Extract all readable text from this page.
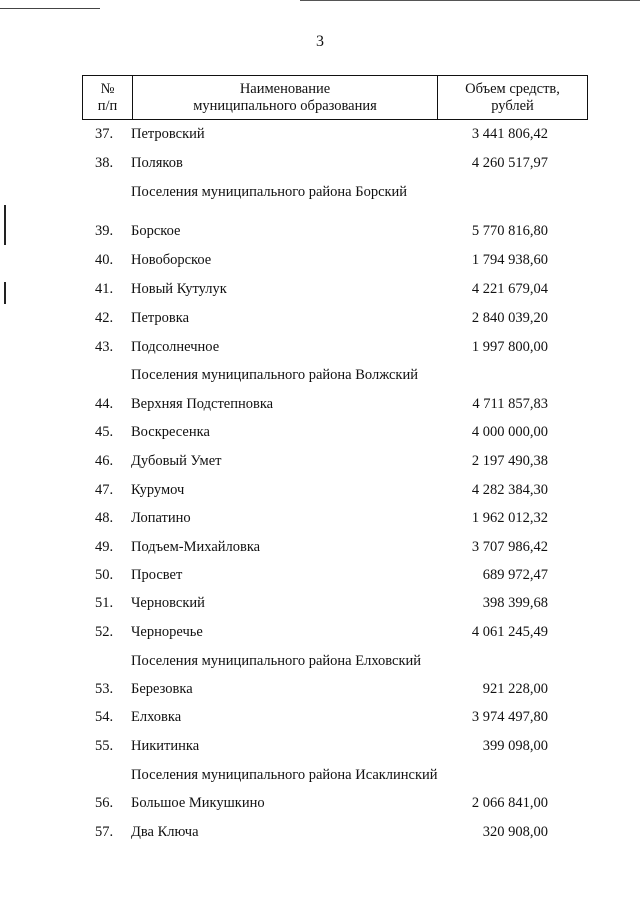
3
№
п/п

Наименование
муниципального образования

Объем средств,
рублей
37.	Петровский	3 441 806,42
38.	Поляков	4 260 517,97
Поселения муниципального района Борский
39.	Борское	5 770 816,80
40.	Новоборское	1 794 938,60
41.	Новый Кутулук	4 221 679,04
42.	Петровка	2 840 039,20
43.	Подсолнечное	1 997 800,00
Поселения муниципального района Волжский
44.	Верхняя Подстепновка	4 711 857,83
45.	Воскресенка	4 000 000,00
46.	Дубовый Умет	2 197 490,38
47.	Курумоч	4 282 384,30
48.	Лопатино	1 962 012,32
49.	Подъем-Михайловка	3 707 986,42
50.	Просвет	689 972,47
51.	Черновский	398 399,68
52.	Черноречье	4 061 245,49
Поселения муниципального района Елховский
53.	Березовка	921 228,00
54.	Елховка	3 974 497,80
55.	Никитинка	399 098,00
Поселения муниципального района Исаклинский
56.	Большое Микушкино	2 066 841,00
57.	Два Ключа	320 908,00
